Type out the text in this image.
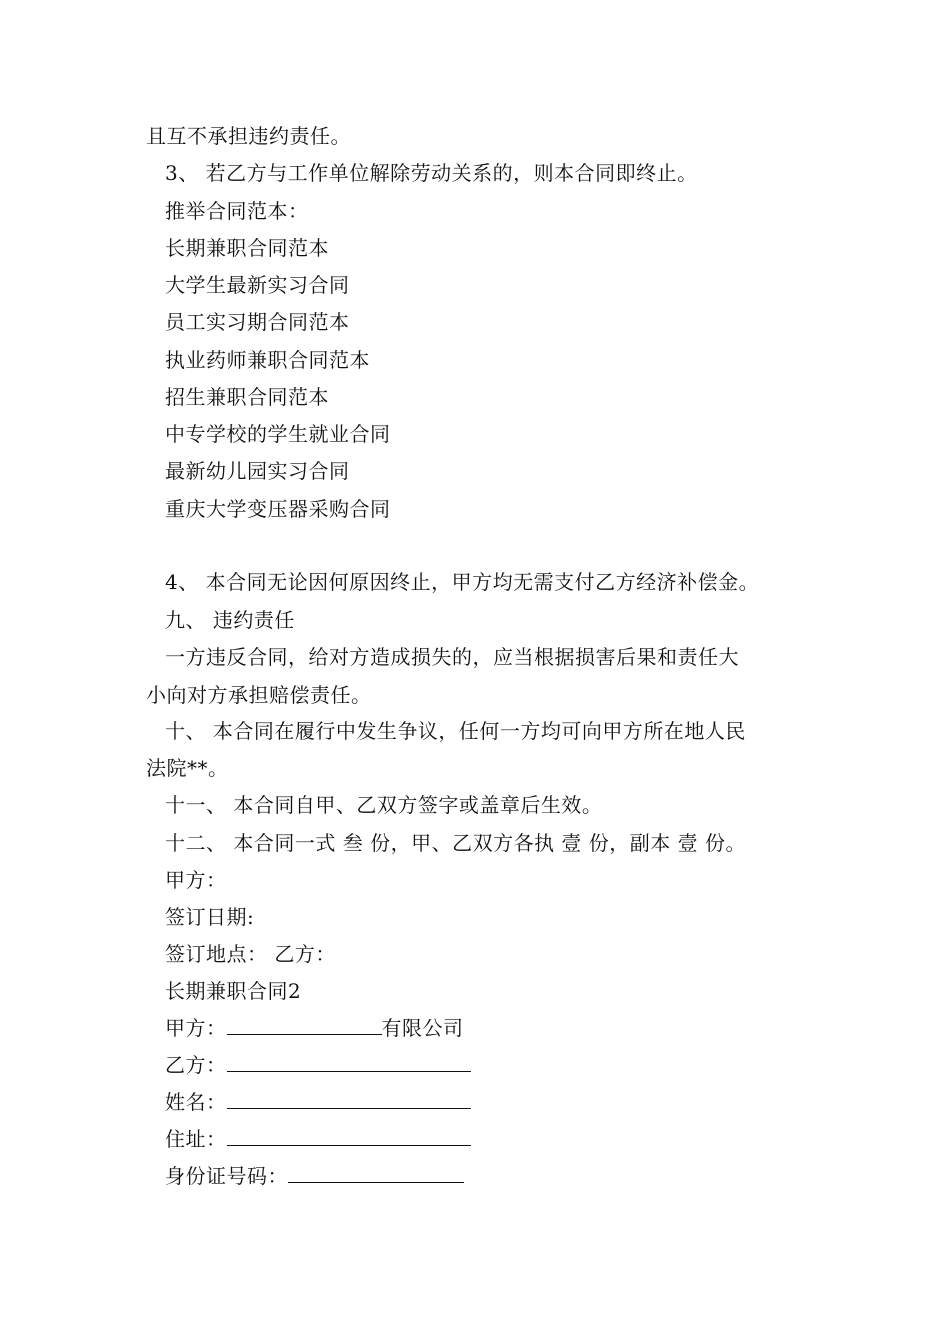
且互不承担违约责任。
3、 若乙方与工作单位解除劳动关系的，则本合同即终止。
推举合同范本：
长期兼职合同范本
大学生最新实习合同
员工实习期合同范本
执业药师兼职合同范本
招生兼职合同范本
中专学校的学生就业合同
最新幼儿园实习合同
重庆大学变压器采购合同
4、 本合同无论因何原因终止，甲方均无需支付乙方经济补偿金。
九、 违约责任
一方违反合同，给对方造成损失的，应当根据损害后果和责任大
小向对方承担赔偿责任。
十、 本合同在履行中发生争议，任何一方均可向甲方所在地人民
法院**。
十一、 本合同自甲、乙双方签字或盖章后生效。
十二、 本合同一式 叁 份，甲、乙双方各执 壹 份，副本 壹 份。
甲方：
签订日期:
签订地点： 乙方：
长期兼职合同2
甲方：	有限公司
乙方：
姓名：
住址：
身份证号码：
